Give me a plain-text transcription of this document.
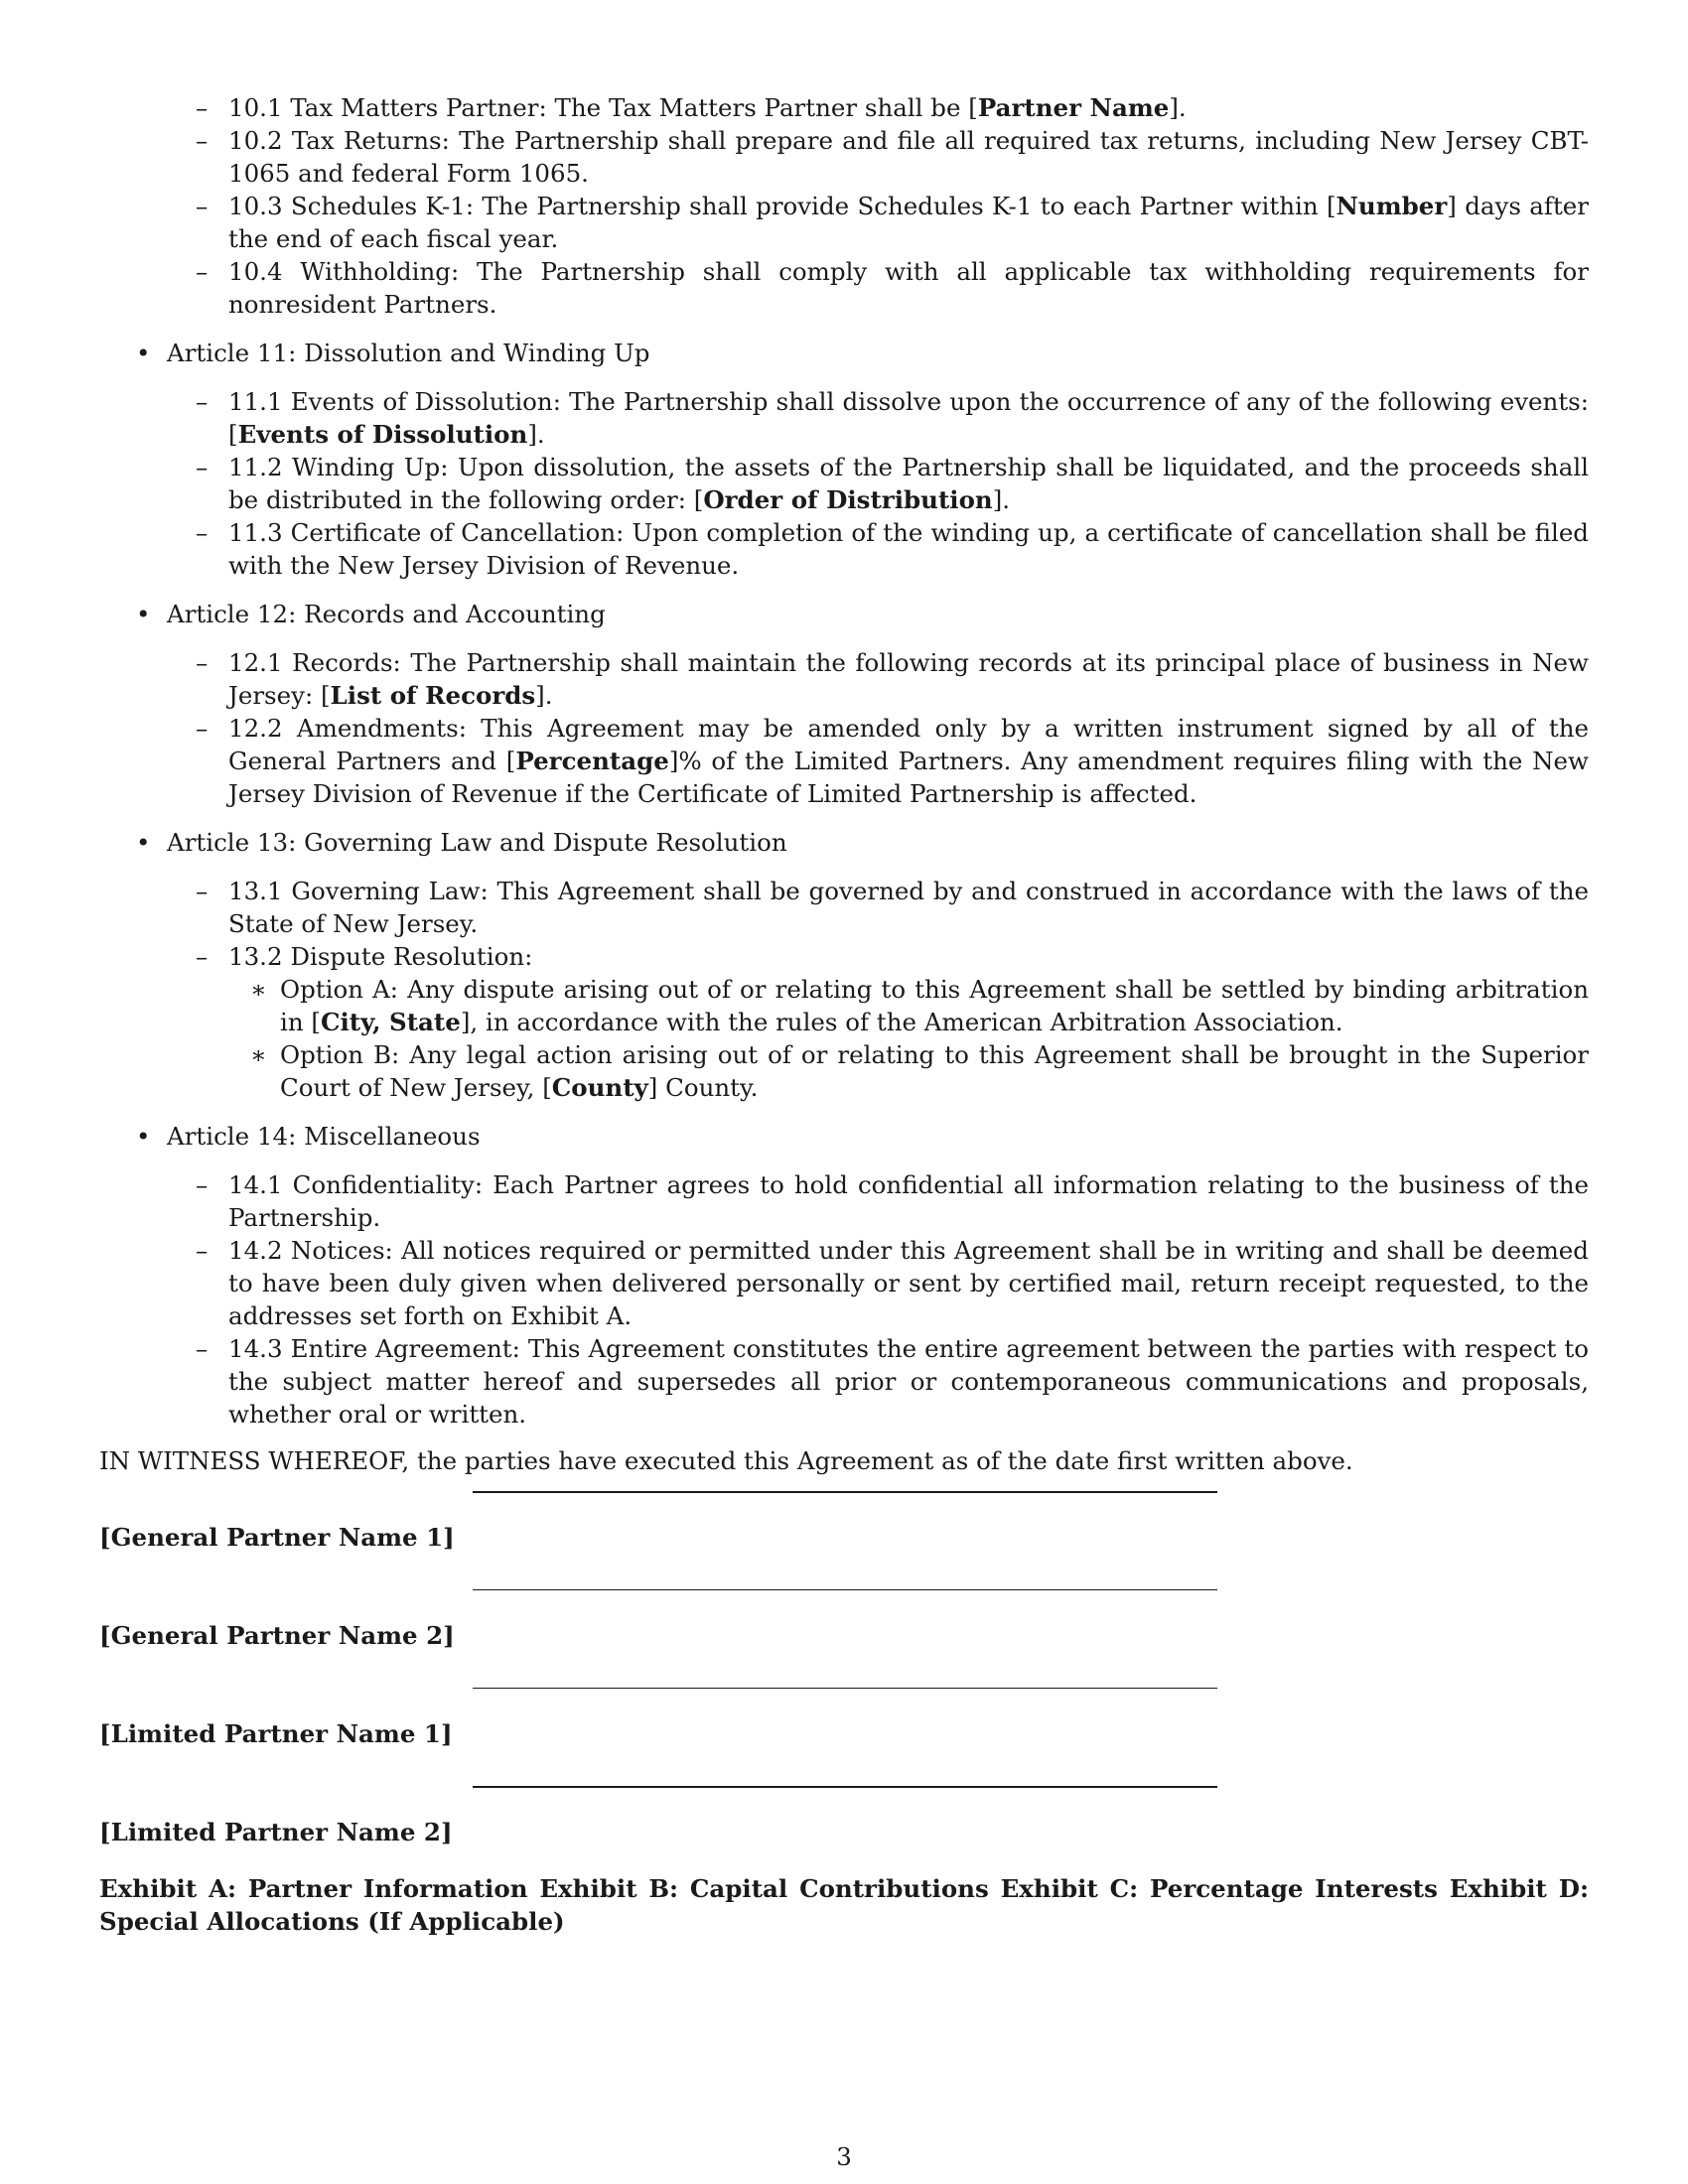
– 10.1 Tax Matters Partner: The Tax Matters Partner shall be [Partner Name].
– 10.2 Tax Returns: The Partnership shall prepare and file all required tax returns, including New Jersey CBT-1065 and federal Form 1065.
– 10.3 Schedules K-1: The Partnership shall provide Schedules K-1 to each Partner within [Number] days after the end of each fiscal year.
– 10.4 Withholding: The Partnership shall comply with all applicable tax withholding requirements for nonresident Partners.
• Article 11: Dissolution and Winding Up
– 11.1 Events of Dissolution: The Partnership shall dissolve upon the occurrence of any of the following events: [Events of Dissolution].
– 11.2 Winding Up: Upon dissolution, the assets of the Partnership shall be liquidated, and the proceeds shall be distributed in the following order: [Order of Distribution].
– 11.3 Certificate of Cancellation: Upon completion of the winding up, a certificate of cancellation shall be filed with the New Jersey Division of Revenue.
• Article 12: Records and Accounting
– 12.1 Records: The Partnership shall maintain the following records at its principal place of business in New Jersey: [List of Records].
– 12.2 Amendments: This Agreement may be amended only by a written instrument signed by all of the General Partners and [Percentage]% of the Limited Partners. Any amendment requires filing with the New Jersey Division of Revenue if the Certificate of Limited Partnership is affected.
• Article 13: Governing Law and Dispute Resolution
– 13.1 Governing Law: This Agreement shall be governed by and construed in accordance with the laws of the State of New Jersey.
– 13.2 Dispute Resolution:
∗ Option A: Any dispute arising out of or relating to this Agreement shall be settled by binding arbitration in [City, State], in accordance with the rules of the American Arbitration Association.
∗ Option B: Any legal action arising out of or relating to this Agreement shall be brought in the Superior Court of New Jersey, [County] County.
• Article 14: Miscellaneous
– 14.1 Confidentiality: Each Partner agrees to hold confidential all information relating to the business of the Partnership.
– 14.2 Notices: All notices required or permitted under this Agreement shall be in writing and shall be deemed to have been duly given when delivered personally or sent by certified mail, return receipt requested, to the addresses set forth on Exhibit A.
– 14.3 Entire Agreement: This Agreement constitutes the entire agreement between the parties with respect to the subject matter hereof and supersedes all prior or contemporaneous communications and proposals, whether oral or written.
IN WITNESS WHEREOF, the parties have executed this Agreement as of the date first written above.
[General Partner Name 1]
[General Partner Name 2]
[Limited Partner Name 1]
[Limited Partner Name 2]
Exhibit A: Partner Information Exhibit B: Capital Contributions Exhibit C: Percentage Interests Exhibit D: Special Allocations (If Applicable)
3
